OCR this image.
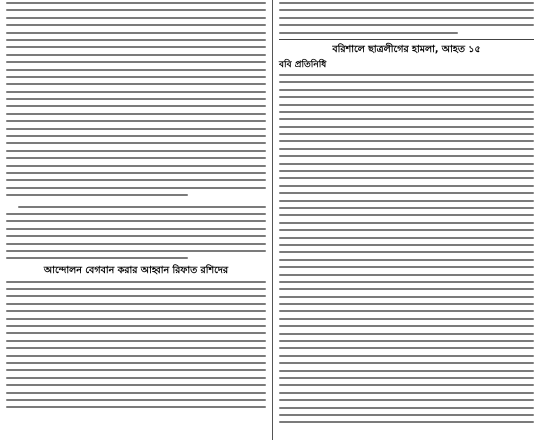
আন্দোলন বেগবান করার আহ্বান রিফাত রশিদের
বরিশালে ছাত্রলীগের হামলা, আহত ১৫
ববি প্রতিনিধি
